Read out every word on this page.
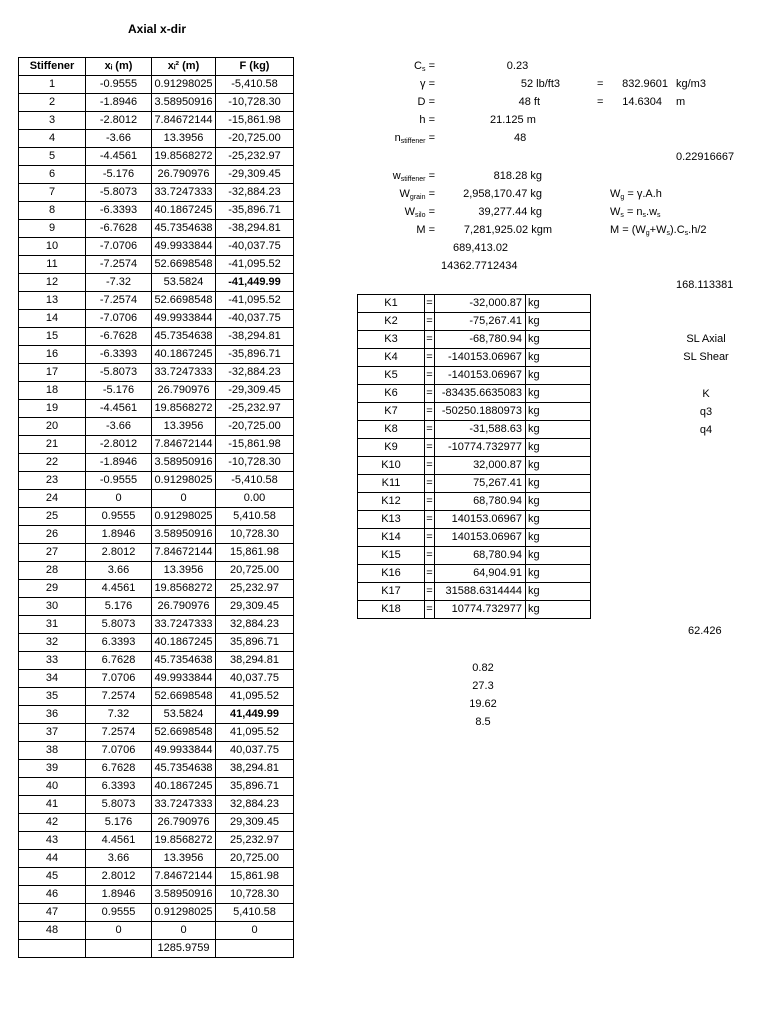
Axial x-dir
Stiffener	xᵢ (m)	xᵢ² (m)	F (kg)
1	-0.9555	0.91298025	-5,410.58
2	-1.8946	3.58950916	-10,728.30
3	-2.8012	7.84672144	-15,861.98
4	-3.66	13.3956	-20,725.00
5	-4.4561	19.8568272	-25,232.97
6	-5.176	26.790976	-29,309.45
7	-5.8073	33.7247333	-32,884.23
8	-6.3393	40.1867245	-35,896.71
9	-6.7628	45.7354638	-38,294.81
10	-7.0706	49.9933844	-40,037.75
11	-7.2574	52.6698548	-41,095.52
12	-7.32	53.5824	-41,449.99
13	-7.2574	52.6698548	-41,095.52
14	-7.0706	49.9933844	-40,037.75
15	-6.7628	45.7354638	-38,294.81
16	-6.3393	40.1867245	-35,896.71
17	-5.8073	33.7247333	-32,884.23
18	-5.176	26.790976	-29,309.45
19	-4.4561	19.8568272	-25,232.97
20	-3.66	13.3956	-20,725.00
21	-2.8012	7.84672144	-15,861.98
22	-1.8946	3.58950916	-10,728.30
23	-0.9555	0.91298025	-5,410.58
24	0	0	0.00
25	0.9555	0.91298025	5,410.58
26	1.8946	3.58950916	10,728.30
27	2.8012	7.84672144	15,861.98
28	3.66	13.3956	20,725.00
29	4.4561	19.8568272	25,232.97
30	5.176	26.790976	29,309.45
31	5.8073	33.7247333	32,884.23
32	6.3393	40.1867245	35,896.71
33	6.7628	45.7354638	38,294.81
34	7.0706	49.9933844	40,037.75
35	7.2574	52.6698548	41,095.52
36	7.32	53.5824	41,449.99
37	7.2574	52.6698548	41,095.52
38	7.0706	49.9933844	40,037.75
39	6.7628	45.7354638	38,294.81
40	6.3393	40.1867245	35,896.71
41	5.8073	33.7247333	32,884.23
42	5.176	26.790976	29,309.45
43	4.4561	19.8568272	25,232.97
44	3.66	13.3956	20,725.00
45	2.8012	7.84672144	15,861.98
46	1.8946	3.58950916	10,728.30
47	0.9555	0.91298025	5,410.58
48	0	0	0
		1285.9759	
Cs =	0.23
γ =	52 lb/ft3	=	832.9601 kg/m3
D =	48 ft	=	14.6304 m
h =	21.125 m
nstiffener =	48
0.22916667
wstiffener =	818.28 kg
Wgrain =	2,958,170.47 kg
Wsilo =	39,277.44 kg
M =	7,281,925.02 kgm
689,413.02
14362.7712434
168.113381
Wg = γ.A.h
Ws = ns.ws
M = (Wg+Ws).Cs.h/2
K1	=	-32,000.87	kg
K2	=	-75,267.41	kg
K3	=	-68,780.94	kg
K4	=	-140153.06967	kg
K5	=	-140153.06967	kg
K6	=	-83435.6635083	kg
K7	=	-50250.1880973	kg
K8	=	-31,588.63	kg
K9	=	-10774.732977	kg
K10	=	32,000.87	kg
K11	=	75,267.41	kg
K12	=	68,780.94	kg
K13	=	140153.06967	kg
K14	=	140153.06967	kg
K15	=	68,780.94	kg
K16	=	64,904.91	kg
K17	=	31588.6314444	kg
K18	=	10774.732977	kg
SL Axial
SL Shear
K
q3
q4
62.426
0.82
27.3
19.62
8.5
